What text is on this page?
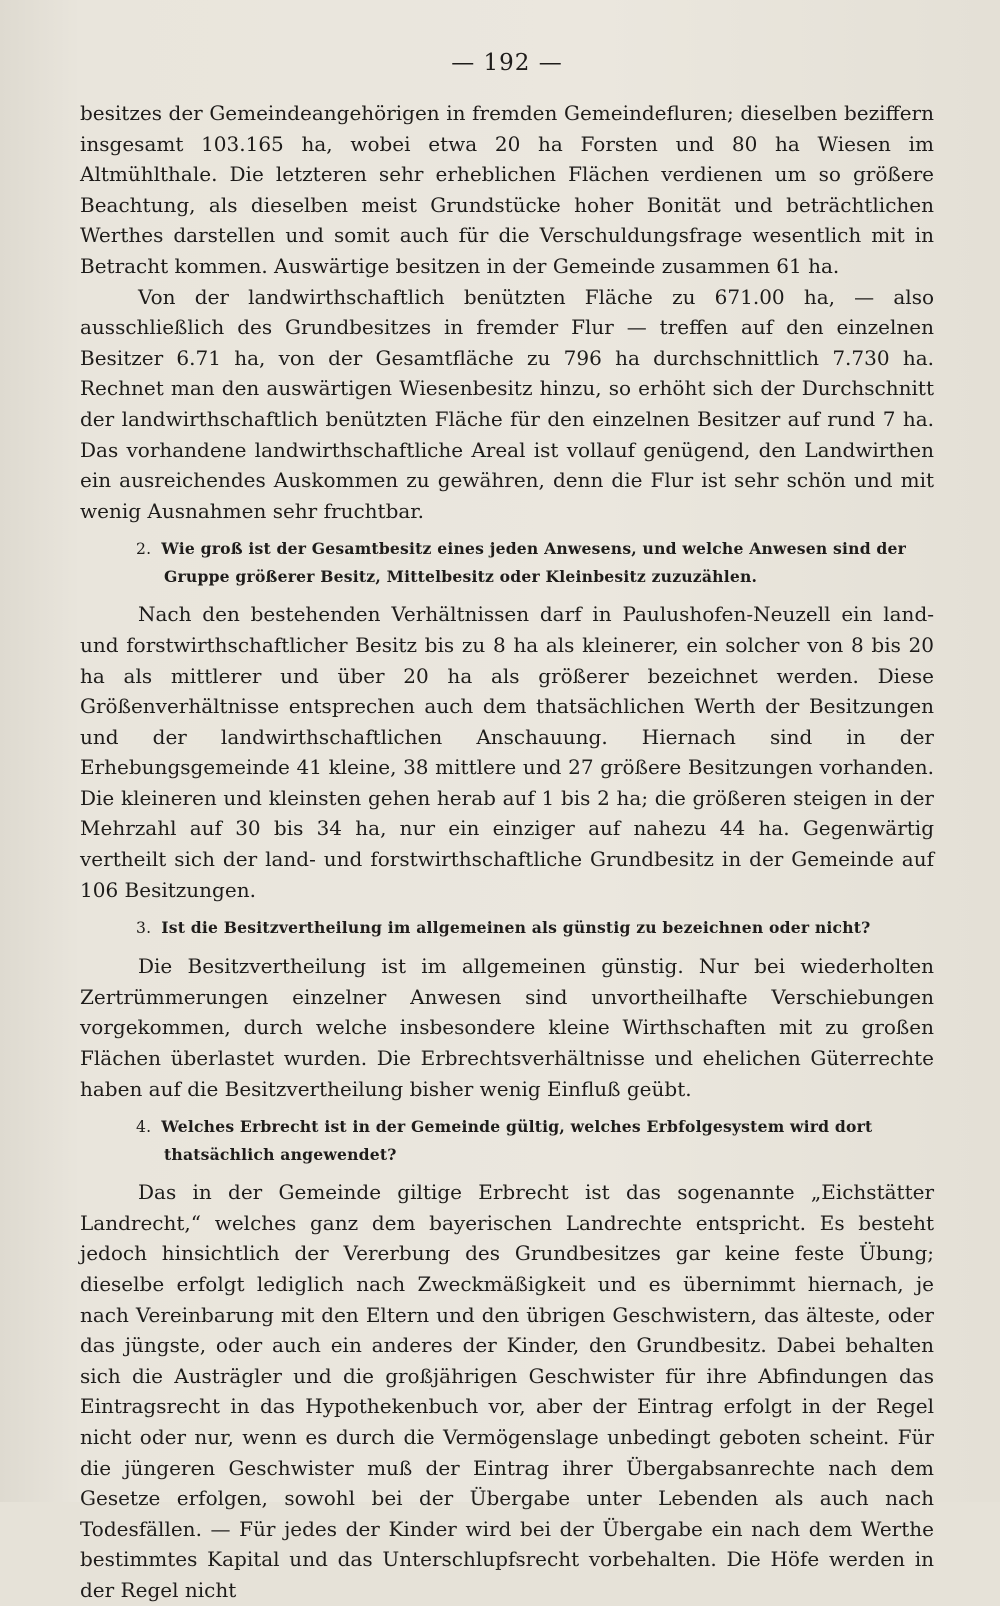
— 192 —

besitzes der Gemeindeangehörigen in fremden Gemeindefluren; dieselben beziffern insgesamt 103.165 ha, wobei etwa 20 ha Forsten und 80 ha Wiesen im Altmühlthale. Die letzteren sehr erheblichen Flächen verdienen um so größere Beachtung, als dieselben meist Grundstücke hoher Bonität und beträchtlichen Werthes darstellen und somit auch für die Verschuldungsfrage wesentlich mit in Betracht kommen. Auswärtige besitzen in der Gemeinde zusammen 61 ha.

Von der landwirthschaftlich benützten Fläche zu 671.00 ha, — also ausschließlich des Grundbesitzes in fremder Flur — treffen auf den einzelnen Besitzer 6.71 ha, von der Gesamtfläche zu 796 ha durchschnittlich 7.730 ha. Rechnet man den auswärtigen Wiesenbesitz hinzu, so erhöht sich der Durchschnitt der landwirthschaftlich benützten Fläche für den einzelnen Besitzer auf rund 7 ha. Das vorhandene landwirthschaftliche Areal ist vollauf genügend, den Landwirthen ein ausreichendes Auskommen zu gewähren, denn die Flur ist sehr schön und mit wenig Ausnahmen sehr fruchtbar.

2. Wie groß ist der Gesamtbesitz eines jeden Anwesens, und welche Anwesen sind der Gruppe größerer Besitz, Mittelbesitz oder Kleinbesitz zuzuzählen.

Nach den bestehenden Verhältnissen darf in Paulushofen-Neuzell ein land- und forstwirthschaftlicher Besitz bis zu 8 ha als kleinerer, ein solcher von 8 bis 20 ha als mittlerer und über 20 ha als größerer bezeichnet werden. Diese Größenverhältnisse entsprechen auch dem thatsächlichen Werth der Besitzungen und der landwirthschaftlichen Anschauung. Hiernach sind in der Erhebungsgemeinde 41 kleine, 38 mittlere und 27 größere Besitzungen vorhanden. Die kleineren und kleinsten gehen herab auf 1 bis 2 ha; die größeren steigen in der Mehrzahl auf 30 bis 34 ha, nur ein einziger auf nahezu 44 ha. Gegenwärtig vertheilt sich der land- und forstwirthschaftliche Grundbesitz in der Gemeinde auf 106 Besitzungen.

3. Ist die Besitzvertheilung im allgemeinen als günstig zu bezeichnen oder nicht?

Die Besitzvertheilung ist im allgemeinen günstig. Nur bei wiederholten Zertrümmerungen einzelner Anwesen sind unvortheilhafte Verschiebungen vorgekommen, durch welche insbesondere kleine Wirthschaften mit zu großen Flächen überlastet wurden. Die Erbrechtsverhältnisse und ehelichen Güterrechte haben auf die Besitzvertheilung bisher wenig Einfluß geübt.

4. Welches Erbrecht ist in der Gemeinde gültig, welches Erbfolgesystem wird dort thatsächlich angewendet?

Das in der Gemeinde giltige Erbrecht ist das sogenannte „Eichstätter Landrecht,“ welches ganz dem bayerischen Landrechte entspricht. Es besteht jedoch hinsichtlich der Vererbung des Grundbesitzes gar keine feste Übung; dieselbe erfolgt lediglich nach Zweckmäßigkeit und es übernimmt hiernach, je nach Vereinbarung mit den Eltern und den übrigen Geschwistern, das älteste, oder das jüngste, oder auch ein anderes der Kinder, den Grundbesitz. Dabei behalten sich die Austrägler und die großjährigen Geschwister für ihre Abfindungen das Eintragsrecht in das Hypothekenbuch vor, aber der Eintrag erfolgt in der Regel nicht oder nur, wenn es durch die Vermögenslage unbedingt geboten scheint. Für die jüngeren Geschwister muß der Eintrag ihrer Übergabsanrechte nach dem Gesetze erfolgen, sowohl bei der Übergabe unter Lebenden als auch nach Todesfällen. — Für jedes der Kinder wird bei der Übergabe ein nach dem Werthe bestimmtes Kapital und das Unterschlupfsrecht vorbehalten. Die Höfe werden in der Regel nicht
